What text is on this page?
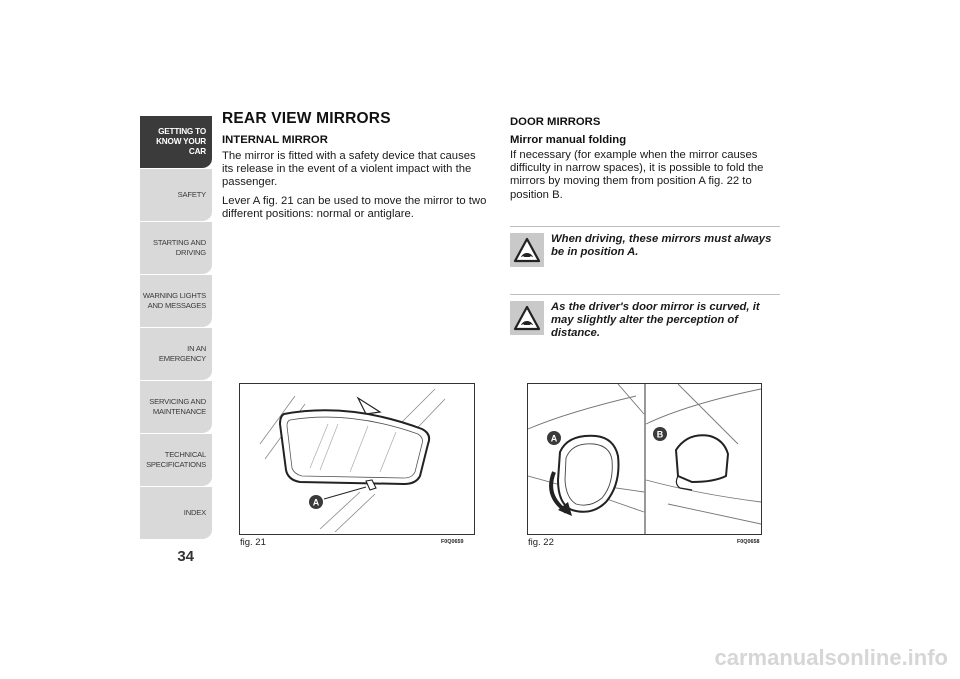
GETTING TO
KNOW YOUR CAR
SAFETY
STARTING AND
DRIVING
WARNING LIGHTS
AND MESSAGES
IN AN EMERGENCY
SERVICING AND
MAINTENANCE
TECHNICAL
SPECIFICATIONS
INDEX
34
REAR VIEW MIRRORS
INTERNAL MIRROR

The mirror is fitted with a safety device that causes its release in the event of a violent impact with the passenger.

Lever A fig. 21 can be used to move the mirror to two different positions: normal or antiglare.

DOOR MIRRORS
Mirror manual folding

If necessary (for example when the mirror causes difficulty in narrow spaces), it is possible to fold the mirrors by moving them from position A fig. 22 to position B.

When driving, these mirrors must always be in position A.
As the driver's door mirror is curved, it may slightly alter the perception of distance.
A
fig. 21	F0Q0659
A	B
fig. 22	F0Q0658
carmanualsonline.info
